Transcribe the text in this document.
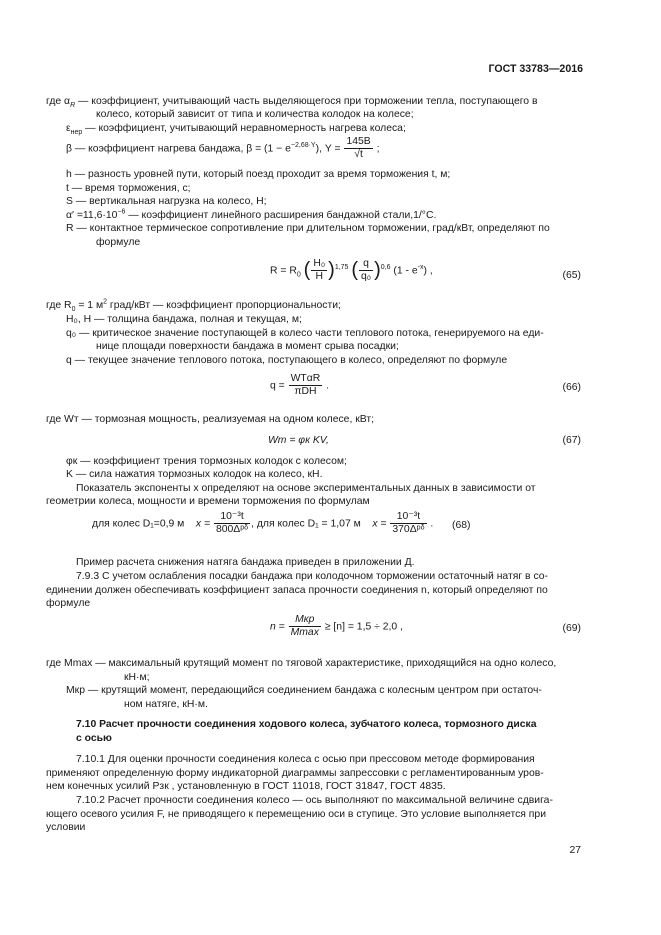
ГОСТ 33783—2016
где $\alpha_R$ — коэффициент, учитывающий часть выделяющегося при торможении тепла, поступающего в
колесо, который зависит от типа и количества колодок на колесе;
$\varepsilon_{нер}$ — коэффициент, учитывающий неравномерность нагрева колеса;
β — коэффициент нагрева бандажа, $\beta = (1 - e^{-2,68\cdot Y})$, $Y = \frac{145B}{√t}$ ;
h — разность уровней пути, который поезд проходит за время торможения t, м;
t — время торможения, с;
S — вертикальная нагрузка на колесо, Н;
$\alpha' =11,6\cdot 10^{-6}$ — коэффициент линейного расширения бандажной стали,1/°С.
R — контактное термическое сопротивление при длительном торможении, град/кВт, определяют по
формуле
$R = R_0$ ( $\frac{\text{H₀}}{H} )^{1,75}$ ( $\frac{q}{\text{q₀}} )^{0,6}$ $(1 - e^{-x})$ ,	(65)
где $R_0 = 1$ $м^2$ град/кВт — коэффициент пропорциональности;
H₀, H — толщина бандажа, полная и текущая, м;
q₀ — критическое значение поступающей в колесо части теплового потока, генерируемого на еди-
нице площади поверхности бандажа в момент срыва посадки;
q — текущее значение теплового потока, поступающего в колесо, определяют по формуле
$q = \frac{\text{WTαR}}{\text{πDH}}$ .	(66)
где Wт — тормозная мощность, реализуемая на одном колесе, кВт;
Wт = φк KV,	(67)
φк — коэффициент трения тормозных колодок с колесом;
K — сила нажатия тормозных колодок на колесо, кН.
Показатель экспоненты x определяют на основе экспериментальных данных в зависимости от
геометрии колеса, мощности и времени торможения по формулам
для колес D₁=0,9 м $x = \frac{\text{10⁻³t}}{\text{800Δᵖᵟ}}$ , для колес D₁ = 1,07 м $x = \frac{\text{10⁻³t}}{\text{370Δᵖᵟ}}$ . (68)
Пример расчета снижения натяга бандажа приведен в приложении Д.
7.9.3 С учетом ослабления посадки бандажа при колодочном торможении остаточный натяг в со-
единении должен обеспечивать коэффициент запаса прочности соединения n, который определяют по
формуле
$n = \frac{\text{Mкр}}{Mmax} \ge [n] = 1,5 \div 2,0$ ,	(69)
где Mmax — максимальный крутящий момент по тяговой характеристике, приходящийся на одно колесо,
кН·м;
Mкр — крутящий момент, передающийся соединением бандажа с колесным центром при остаточ-
ном натяге, кН·м.
7.10 Расчет прочности соединения ходового колеса, зубчатого колеса, тормозного диска
с осью
7.10.1 Для оценки прочности соединения колеса с осью при прессовом методе формирования
применяют определенную форму индикаторной диаграммы запрессовки с регламентированным уров-
нем конечных усилий Pзк , установленную в ГОСТ 11018, ГОСТ 31847, ГОСТ 4835.
7.10.2 Расчет прочности соединения колесо — ось выполняют по максимальной величине сдвига-
ющего осевого усилия F, не приводящего к перемещению оси в ступице. Это условие выполняется при
условии
27
